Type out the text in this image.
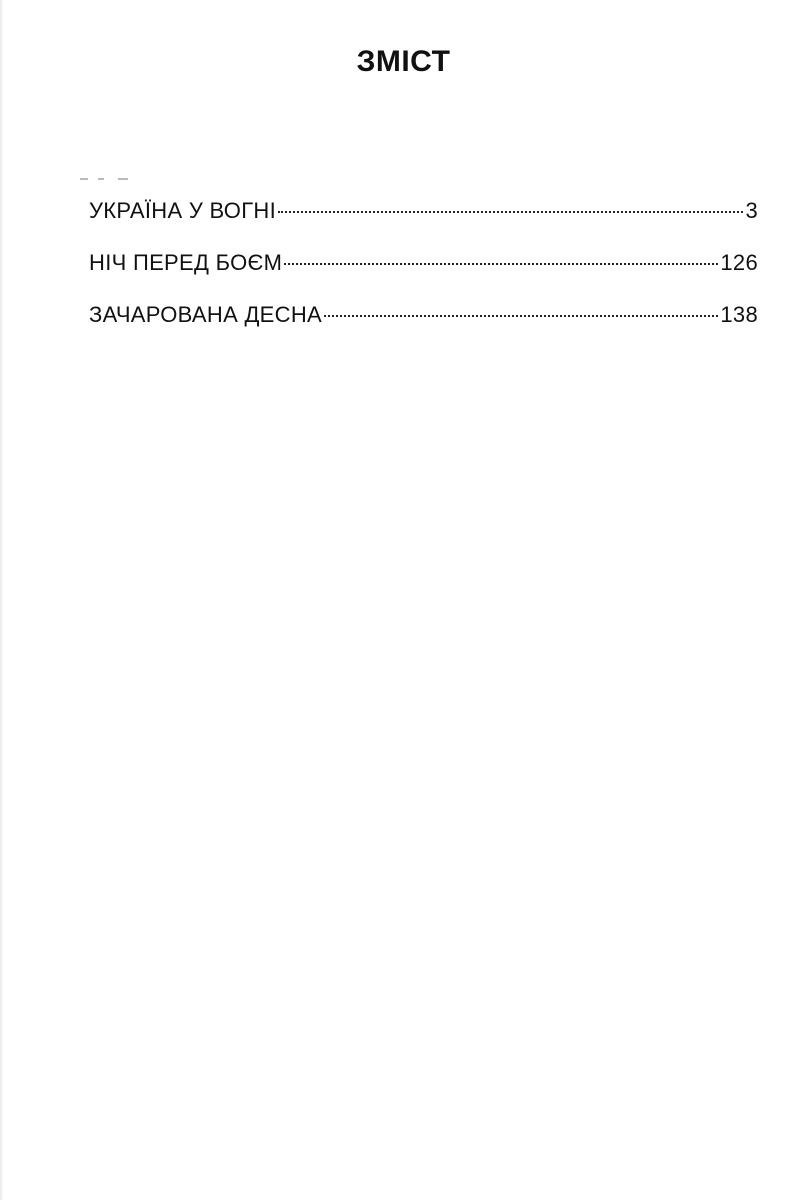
ЗМІСТ
УКРАЇНА У ВОГНІ	3
НІЧ ПЕРЕД БОЄМ	126
ЗАЧАРОВАНА ДЕСНА	138
